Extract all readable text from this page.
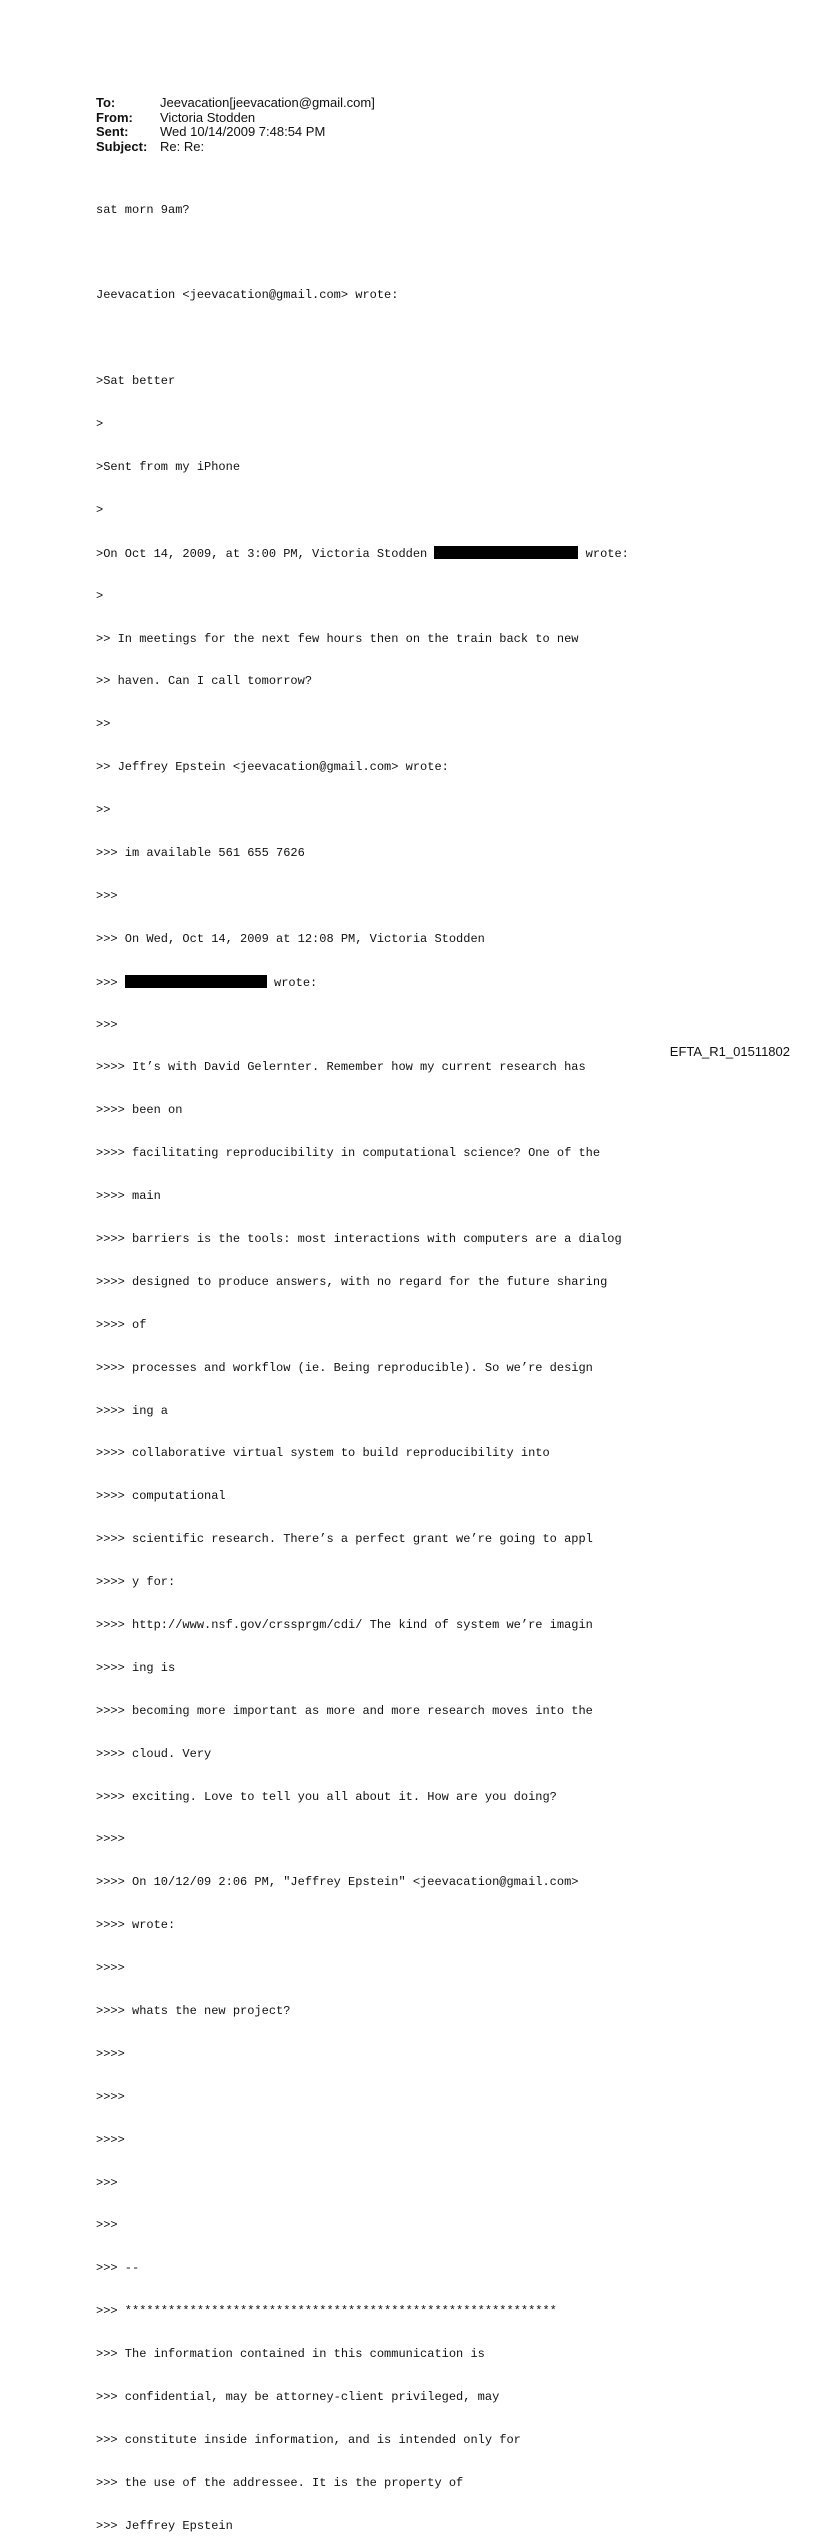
To:	Jeevacation[jeevacation@gmail.com]
From:	Victoria Stodden
Sent:	Wed 10/14/2009 7:48:54 PM
Subject: Re: Re:

sat morn 9am?

Jeevacation <jeevacation@gmail.com> wrote:

>Sat better

>

>Sent from my iPhone

>

>On Oct 14, 2009, at 3:00 PM, Victoria Stodden	wrote:

>

>> In meetings for the next few hours then on the train back to new

>> haven. Can I call tomorrow?

>>

>> Jeffrey Epstein <jeevacation@gmail.com> wrote:

>>

>>> im available 561 655 7626

>>>

>>> On Wed, Oct 14, 2009 at 12:08 PM, Victoria Stodden

>>>	wrote:

>>>

>>>> It’s with David Gelernter. Remember how my current research has

>>>> been on

>>>> facilitating reproducibility in computational science? One of the

>>>> main

>>>> barriers is the tools: most interactions with computers are a dialog

>>>> designed to produce answers, with no regard for the future sharing

>>>> of

>>>> processes and workflow (ie. Being reproducible). So we’re design

>>>> ing a

>>>> collaborative virtual system to build reproducibility into

>>>> computational

>>>> scientific research. There’s a perfect grant we’re going to appl

>>>> y for:

>>>> http://www.nsf.gov/crssprgm/cdi/ The kind of system we’re imagin

>>>> ing is

>>>> becoming more important as more and more research moves into the

>>>> cloud. Very

>>>> exciting. Love to tell you all about it. How are you doing?

>>>>

>>>> On 10/12/09 2:06 PM, "Jeffrey Epstein" <jeevacation@gmail.com>

>>>> wrote:

>>>>

>>>> whats the new project?

>>>>

>>>>

>>>>

>>>

>>>

>>> --

>>> ************************************************************

>>> The information contained in this communication is

>>> confidential, may be attorney-client privileged, may

>>> constitute inside information, and is intended only for

>>> the use of the addressee. It is the property of

>>> Jeffrey Epstein

EFTA_R1_01511802
